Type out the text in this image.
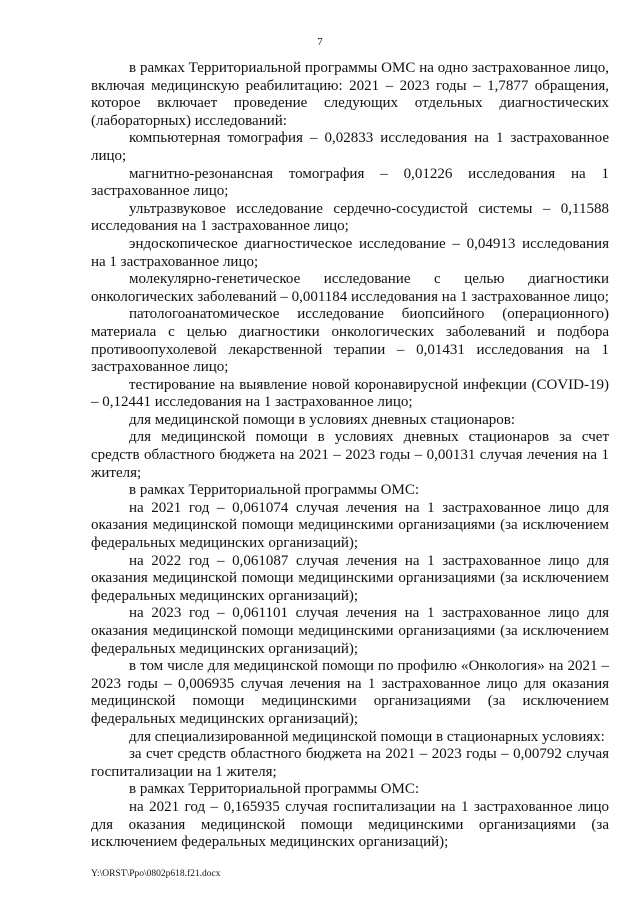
7

в рамках Территориальной программы ОМС на одно застрахованное лицо, включая медицинскую реабилитацию: 2021 – 2023 годы – 1,7877 обращения, которое включает проведение следующих отдельных диагностических (лабораторных) исследований:

компьютерная томография – 0,02833 исследования на 1 застрахованное лицо;

магнитно-резонансная томография – 0,01226 исследования на 1 застрахованное лицо;

ультразвуковое исследование сердечно-сосудистой системы – 0,11588 исследования на 1 застрахованное лицо;

эндоскопическое диагностическое исследование – 0,04913 исследования на 1 застрахованное лицо;

молекулярно-генетическое исследование с целью диагностики онкологических заболеваний – 0,001184 исследования на 1 застрахованное лицо;

патологоанатомическое исследование биопсийного (операционного) материала с целью диагностики онкологических заболеваний и подбора противоопухолевой лекарственной терапии – 0,01431 исследования на 1 застрахованное лицо;

тестирование на выявление новой коронавирусной инфекции (COVID-19) – 0,12441 исследования на 1 застрахованное лицо;

для медицинской помощи в условиях дневных стационаров:

для медицинской помощи в условиях дневных стационаров за счет средств областного бюджета на 2021 – 2023 годы – 0,00131 случая лечения на 1 жителя;

в рамках Территориальной программы ОМС:

на 2021 год – 0,061074 случая лечения на 1 застрахованное лицо для оказания медицинской помощи медицинскими организациями (за исключением федеральных медицинских организаций);

на 2022 год – 0,061087 случая лечения на 1 застрахованное лицо для оказания медицинской помощи медицинскими организациями (за исключением федеральных медицинских организаций);

на 2023 год – 0,061101 случая лечения на 1 застрахованное лицо для оказания медицинской помощи медицинскими организациями (за исключением федеральных медицинских организаций);

в том числе для медицинской помощи по профилю «Онкология» на 2021 – 2023 годы – 0,006935 случая лечения на 1 застрахованное лицо для оказания медицинской помощи медицинскими организациями (за исключением федеральных медицинских организаций);

для специализированной медицинской помощи в стационарных условиях:

за счет средств областного бюджета на 2021 – 2023 годы – 0,00792 случая госпитализации на 1 жителя;

в рамках Территориальной программы ОМС:

на 2021 год – 0,165935 случая госпитализации на 1 застрахованное лицо для оказания медицинской помощи медицинскими организациями (за исключением федеральных медицинских организаций);

Y:\ORST\Ppo\0802p618.f21.docx
